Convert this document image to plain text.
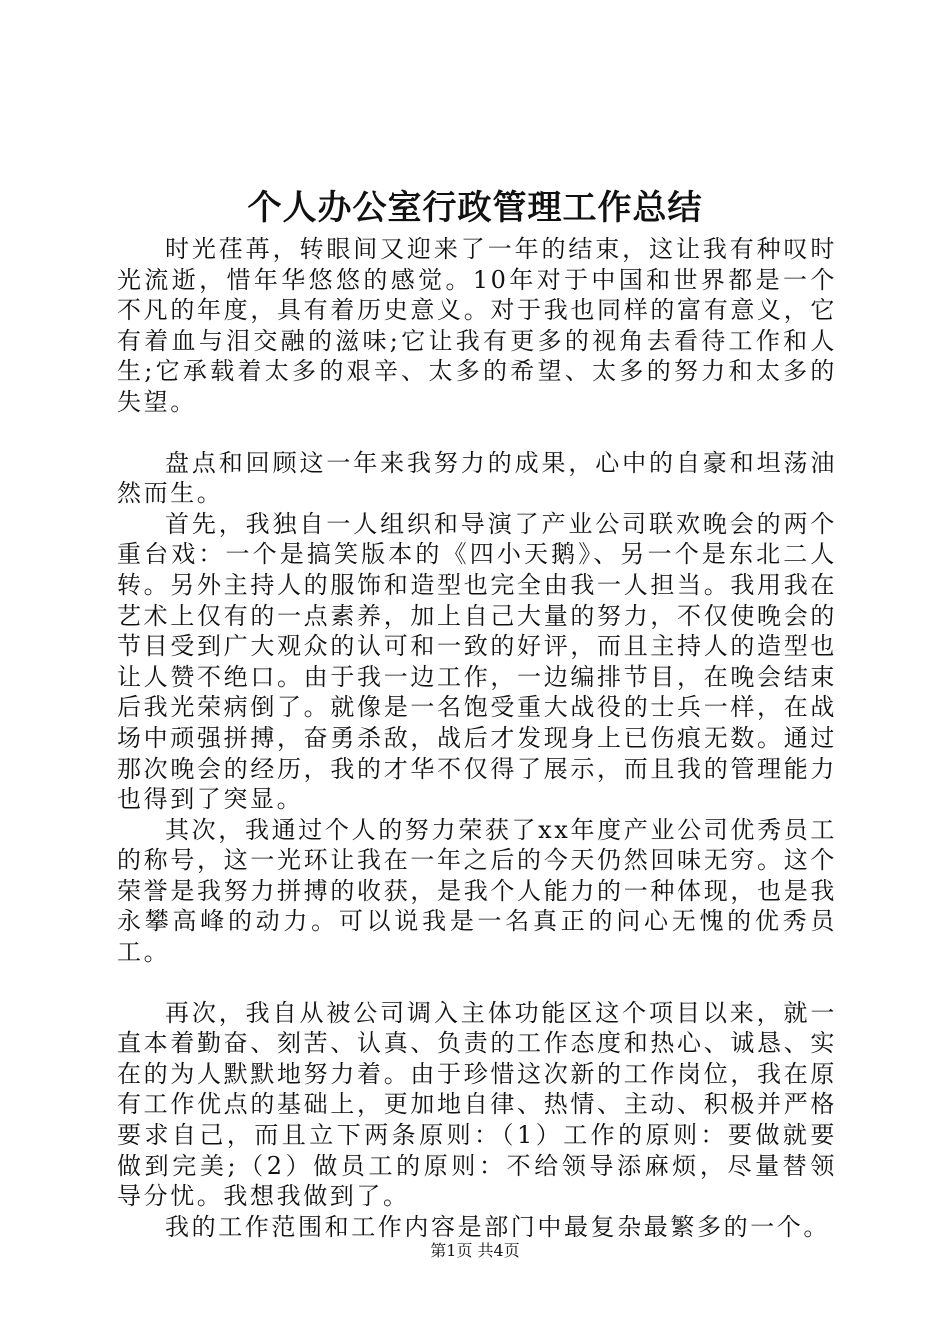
个人办公室行政管理工作总结

时光荏苒，转眼间又迎来了一年的结束，这让我有种叹时光流逝，惜年华悠悠的感觉。10年对于中国和世界都是一个不凡的年度，具有着历史意义。对于我也同样的富有意义，它有着血与泪交融的滋味;它让我有更多的视角去看待工作和人生;它承载着太多的艰辛、太多的希望、太多的努力和太多的失望。

盘点和回顾这一年来我努力的成果，心中的自豪和坦荡油然而生。

首先，我独自一人组织和导演了产业公司联欢晚会的两个重台戏：一个是搞笑版本的《四小天鹅》、另一个是东北二人转。另外主持人的服饰和造型也完全由我一人担当。我用我在艺术上仅有的一点素养，加上自己大量的努力，不仅使晚会的节目受到广大观众的认可和一致的好评，而且主持人的造型也让人赞不绝口。由于我一边工作，一边编排节目，在晚会结束后我光荣病倒了。就像是一名饱受重大战役的士兵一样，在战场中顽强拼搏，奋勇杀敌，战后才发现身上已伤痕无数。通过那次晚会的经历，我的才华不仅得了展示，而且我的管理能力也得到了突显。

其次，我通过个人的努力荣获了xx年度产业公司优秀员工的称号，这一光环让我在一年之后的今天仍然回味无穷。这个荣誉是我努力拼搏的收获，是我个人能力的一种体现，也是我永攀高峰的动力。可以说我是一名真正的问心无愧的优秀员工。

再次，我自从被公司调入主体功能区这个项目以来，就一直本着勤奋、刻苦、认真、负责的工作态度和热心、诚恳、实在的为人默默地努力着。由于珍惜这次新的工作岗位，我在原有工作优点的基础上，更加地自律、热情、主动、积极并严格要求自己，而且立下两条原则：（1）工作的原则：要做就要做到完美;（2）做员工的原则：不给领导添麻烦，尽量替领导分忧。我想我做到了。

我的工作范围和工作内容是部门中最复杂最繁多的一个。

第1页 共4页
